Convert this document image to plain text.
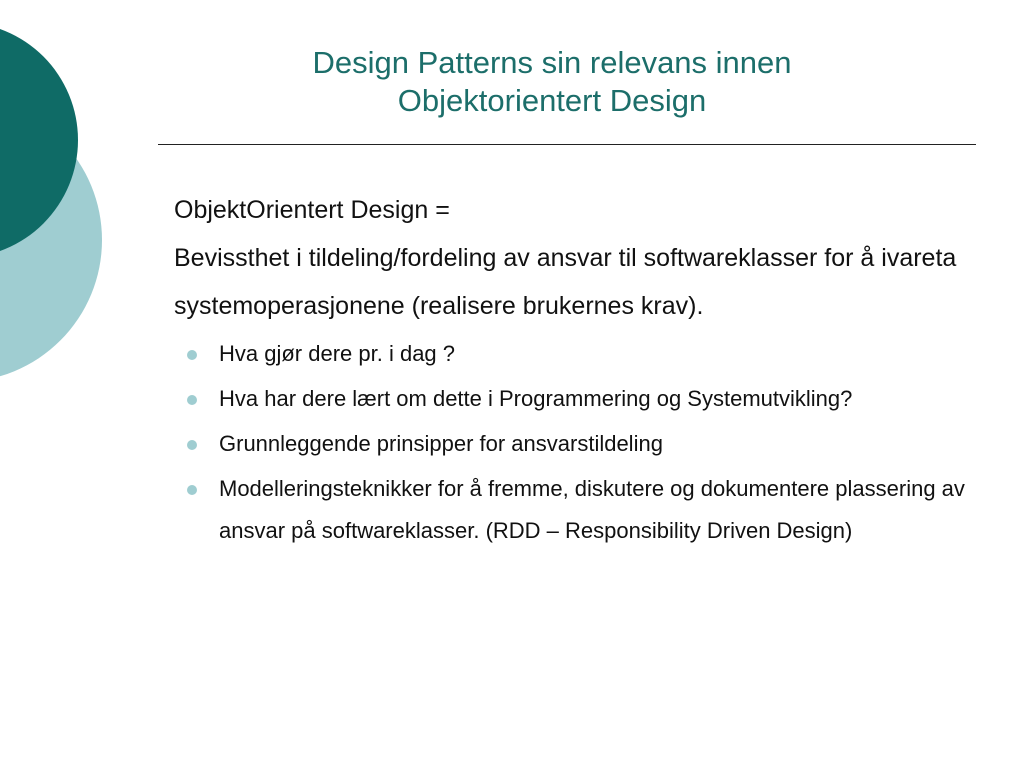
Design Patterns sin relevans innen
Objektorientert Design

ObjektOrientert Design =

Bevissthet i tildeling/fordeling av ansvar til softwareklasser for å ivareta systemoperasjonene (realisere brukernes krav).

Hva gjør dere pr. i dag ?
Hva har dere lært om dette i Programmering og Systemutvikling?
Grunnleggende prinsipper for ansvarstildeling
Modelleringsteknikker for å fremme, diskutere og dokumentere plassering av ansvar på softwareklasser. (RDD – Responsibility Driven Design)
